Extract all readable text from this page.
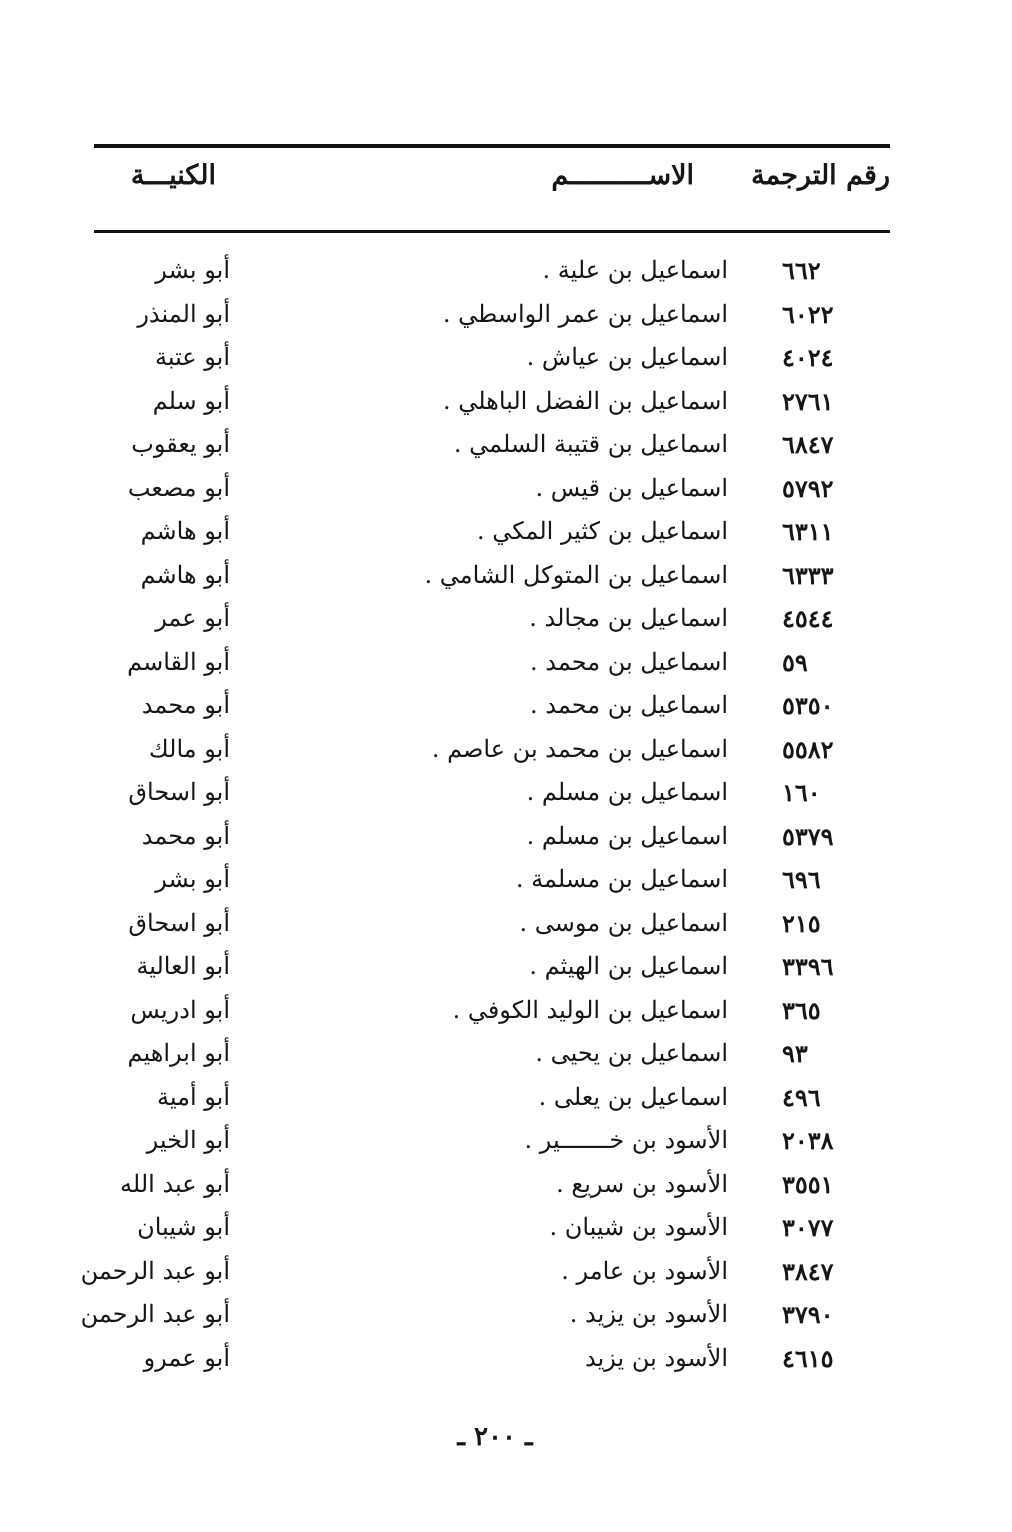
رقم الترجمة
الاســــــــــم
الكنيـــة
٦٦٢
اسماعيل بن علية .
أبو بشر
٦٠٢٢
اسماعيل بن عمر الواسطي .
أبو المنذر
٤٠٢٤
اسماعيل بن عياش .
أبو عتبة
٢٧٦١
اسماعيل بن الفضل الباهلي .
أبو سلم
٦٨٤٧
اسماعيل بن قتيبة السلمي .
أبو يعقوب
٥٧٩٢
اسماعيل بن قيس .
أبو مصعب
٦٣١١
اسماعيل بن كثير المكي .
أبو هاشم
٦٣٣٣
اسماعيل بن المتوكل الشامي .
أبو هاشم
٤٥٤٤
اسماعيل بن مجالد .
أبو عمر
٥٩
اسماعيل بن محمد .
أبو القاسم
٥٣٥٠
اسماعيل بن محمد .
أبو محمد
٥٥٨٢
اسماعيل بن محمد بن عاصم .
أبو مالك
١٦٠
اسماعيل بن مسلم .
أبو اسحاق
٥٣٧٩
اسماعيل بن مسلم .
أبو محمد
٦٩٦
اسماعيل بن مسلمة .
أبو بشر
٢١٥
اسماعيل بن موسى .
أبو اسحاق
٣٣٩٦
اسماعيل بن الهيثم .
أبو العالية
٣٦٥
اسماعيل بن الوليد الكوفي .
أبو ادريس
٩٣
اسماعيل بن يحيى .
أبو ابراهيم
٤٩٦
اسماعيل بن يعلى .
أبو أمية
٢٠٣٨
الأسود بن خـــــــير .
أبو الخير
٣٥٥١
الأسود بن سريع .
أبو عبد الله
٣٠٧٧
الأسود بن شيبان .
أبو شيبان
٣٨٤٧
الأسود بن عامر .
أبو عبد الرحمن
٣٧٩٠
الأسود بن يزيد .
أبو عبد الرحمن
٤٦١٥
الأسود بن يزيد
أبو عمرو
ـ ٢٠٠ ـ
